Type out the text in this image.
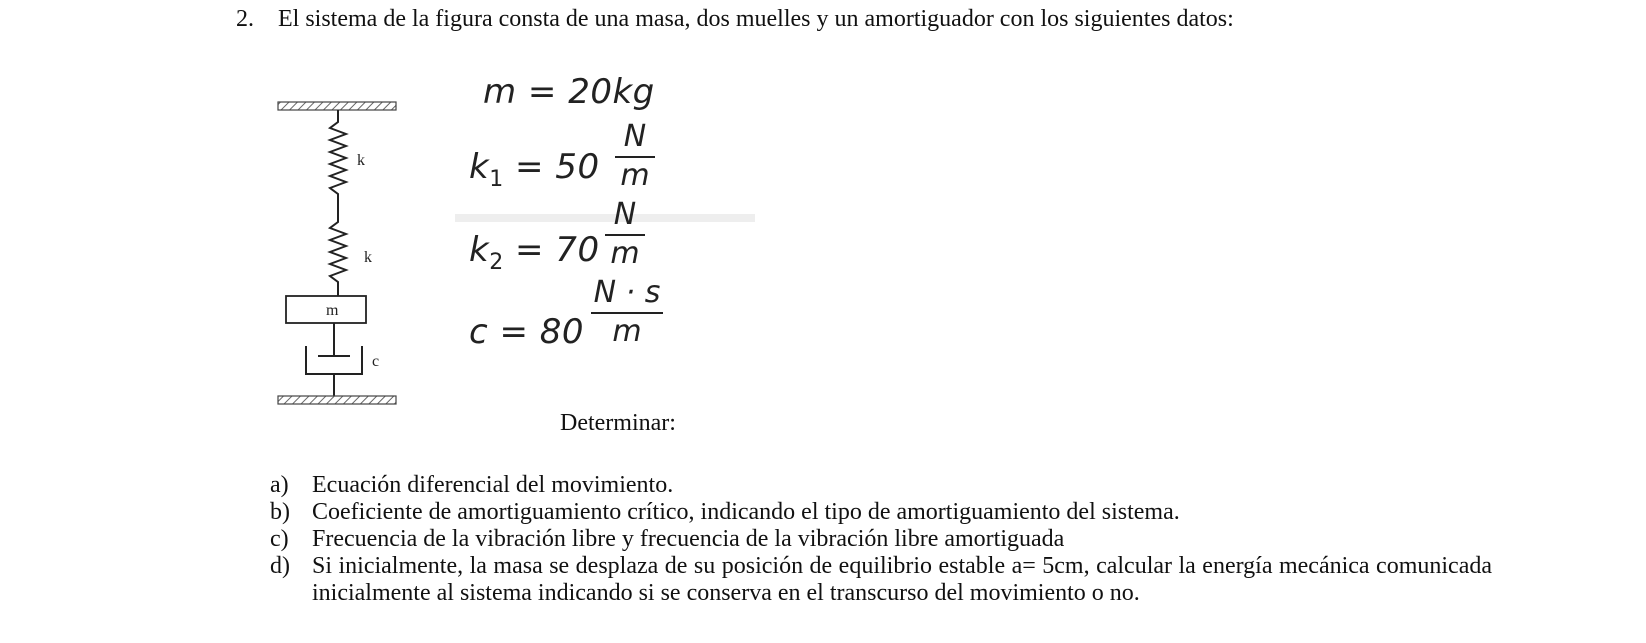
2. El sistema de la figura consta de una masa, dos muelles y un amortiguador con los siguientes datos:
k
k
m
c
m = 20kg
$k_1 = 50$
N
m
$k_2 = 70$
N
m
c = 80
N · s
m
Determinar:
a) Ecuación diferencial del movimiento.
b) Coeficiente de amortiguamiento crítico, indicando el tipo de amortiguamiento del sistema.
c) Frecuencia de la vibración libre y frecuencia de la vibración libre amortiguada
d) Si inicialmente, la masa se desplaza de su posición de equilibrio estable a= 5cm, calcular la energía mecánica comunicada inicialmente al sistema indicando si se conserva en el transcurso del movimiento o no.
